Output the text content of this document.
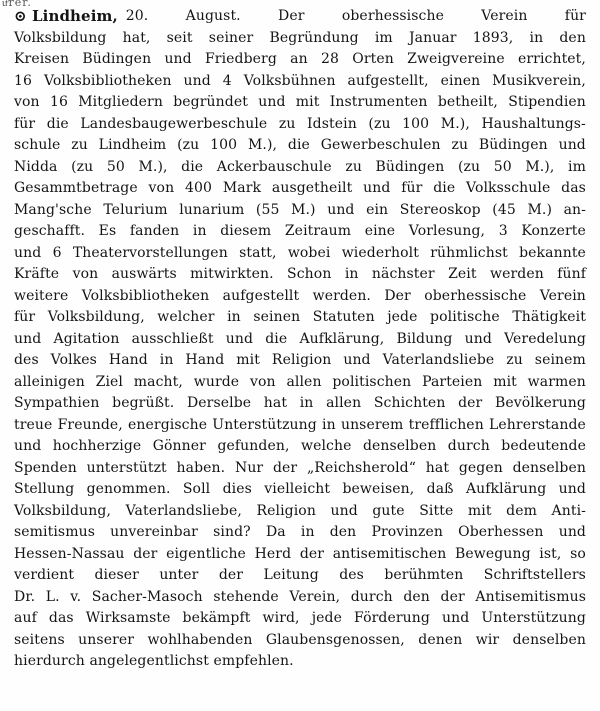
üͤrer.
⊙ Lindheim, 20.	August.	Der	oberhessische	Verein	für
Volksbildung hat, seit seiner Begründung im Januar 1893, in den
Kreisen Büdingen und Friedberg an 28 Orten Zweigvereine errichtet,
16 Volksbibliotheken und 4 Volksbühnen aufgestellt, einen Musikverein,
von 16 Mitgliedern begründet und mit Instrumenten betheilt, Stipendien
für die Landesbaugewerbeschule zu Idstein (zu 100 M.), Haushaltungs-
schule zu Lindheim (zu 100 M.), die Gewerbeschulen zu Büdingen und
Nidda (zu 50 M.), die Ackerbauschule zu Büdingen (zu 50 M.), im
Gesammtbetrage von 400 Mark ausgetheilt und für die Volksschule das
Mang'sche Telurium lunarium (55 M.) und ein Stereoskop (45 M.) an-
geschafft. Es fanden in diesem Zeitraum eine Vorlesung, 3 Konzerte
und 6 Theatervorstellungen statt, wobei wiederholt rühmlichst bekannte
Kräfte von auswärts mitwirkten. Schon in nächster Zeit werden fünf
weitere Volksbibliotheken aufgestellt werden. Der oberhessische Verein
für Volksbildung, welcher in seinen Statuten jede politische Thätigkeit
und Agitation ausschließt und die Aufklärung, Bildung und Veredelung
des Volkes Hand in Hand mit Religion und Vaterlandsliebe zu seinem
alleinigen Ziel macht, wurde von allen politischen Parteien mit warmen
Sympathien begrüßt. Derselbe hat in allen Schichten der Bevölkerung
treue Freunde, energische Unterstützung in unserem trefflichen Lehrerstande
und hochherzige Gönner gefunden, welche denselben durch bedeutende
Spenden unterstützt haben. Nur der „Reichsherold“ hat gegen denselben
Stellung genommen. Soll dies vielleicht beweisen, daß Aufklärung und
Volksbildung, Vaterlandsliebe, Religion und gute Sitte mit dem Anti-
semitismus unvereinbar sind? Da in den Provinzen Oberhessen und
Hessen-Nassau der eigentliche Herd der antisemitischen Bewegung ist, so
verdient dieser unter der Leitung des berühmten Schriftstellers
Dr. L. v. Sacher-Masoch stehende Verein, durch den der Antisemitismus
auf das Wirksamste bekämpft wird, jede Förderung und Unterstützung
seitens unserer wohlhabenden Glaubensgenossen, denen wir denselben
hierdurch angelegentlichst empfehlen.
